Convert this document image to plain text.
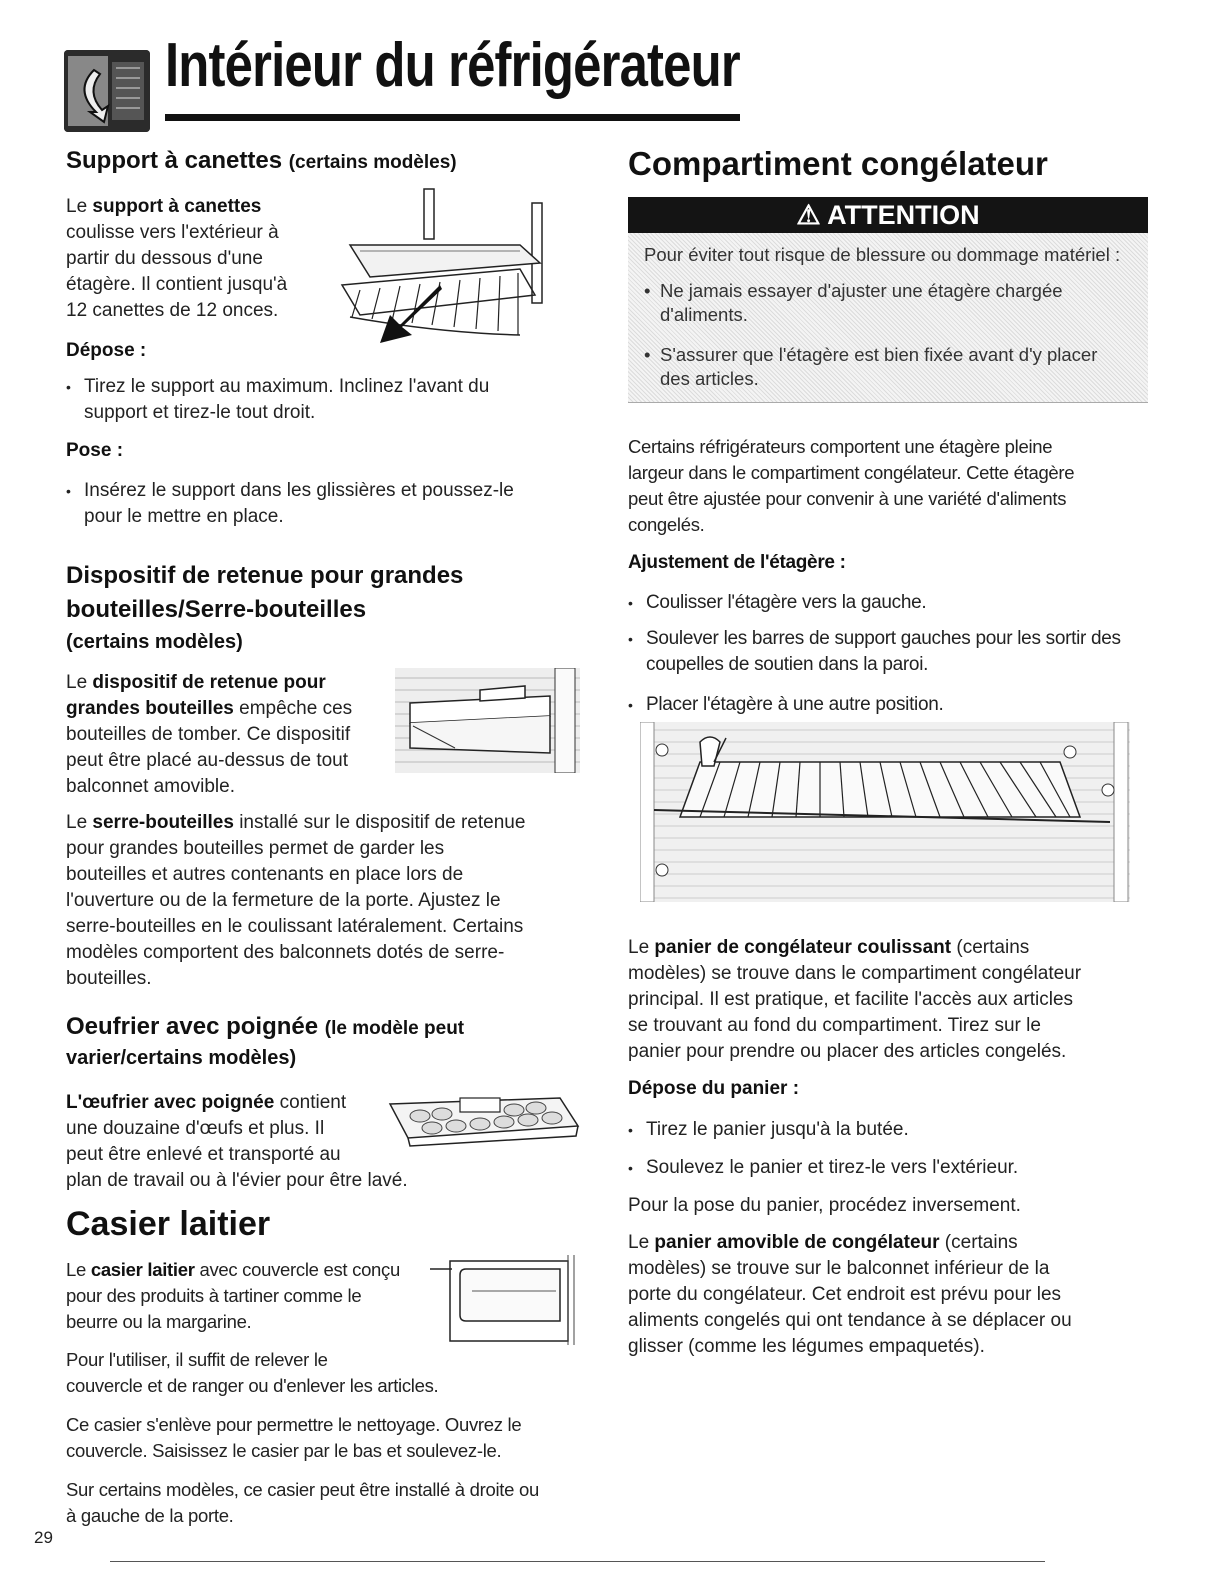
Intérieur du réfrigérateur
Support à canettes (certains modèles)
Le support à canettes
coulisse vers l'extérieur à
partir du dessous d'une
étagère. Il contient jusqu'à
12 canettes de 12 onces.
Dépose :
• Tirez le support au maximum. Inclinez l'avant du
support et tirez-le tout droit.
Pose :
• Insérez le support dans les glissières et poussez-le
pour le mettre en place.
Dispositif de retenue pour grandes
bouteilles/Serre-bouteilles
(certains modèles)
Le dispositif de retenue pour
grandes bouteilles empêche ces
bouteilles de tomber. Ce dispositif
peut être placé au-dessus de tout
balconnet amovible.
Le serre-bouteilles installé sur le dispositif de retenue
pour grandes bouteilles permet de garder les
bouteilles et autres contenants en place lors de
l'ouverture ou de la fermeture de la porte. Ajustez le
serre-bouteilles en le coulissant latéralement. Certains
modèles comportent des balconnets dotés de serre-
bouteilles.
Oeufrier avec poignée (le modèle peut
varier/certains modèles)
L'œufrier avec poignée contient
une douzaine d'œufs et plus. Il
peut être enlevé et transporté au
plan de travail ou à l'évier pour être lavé.
Casier laitier
Le casier laitier avec couvercle est conçu
pour des produits à tartiner comme le
beurre ou la margarine.
Pour l'utiliser, il suffit de relever le
couvercle et de ranger ou d'enlever les articles.
Ce casier s'enlève pour permettre le nettoyage. Ouvrez le
couvercle. Saisissez le casier par le bas et soulevez-le.
Sur certains modèles, ce casier peut être installé à droite ou
à gauche de la porte.
Compartiment congélateur
⚠ ATTENTION
Pour éviter tout risque de blessure ou dommage matériel :
• Ne jamais essayer d'ajuster une étagère chargée
d'aliments.
• S'assurer que l'étagère est bien fixée avant d'y placer
des articles.
Certains réfrigérateurs comportent une étagère pleine
largeur dans le compartiment congélateur. Cette étagère
peut être ajustée pour convenir à une variété d'aliments
congelés.
Ajustement de l'étagère :
• Coulisser l'étagère vers la gauche.
• Soulever les barres de support gauches pour les sortir des
coupelles de soutien dans la paroi.
• Placer l'étagère à une autre position.
Le panier de congélateur coulissant (certains
modèles) se trouve dans le compartiment congélateur
principal. Il est pratique, et facilite l'accès aux articles
se trouvant au fond du compartiment. Tirez sur le
panier pour prendre ou placer des articles congelés.
Dépose du panier :
• Tirez le panier jusqu'à la butée.
• Soulevez le panier et tirez-le vers l'extérieur.
Pour la pose du panier, procédez inversement.
Le panier amovible de congélateur (certains
modèles) se trouve sur le balconnet inférieur de la
porte du congélateur. Cet endroit est prévu pour les
aliments congelés qui ont tendance à se déplacer ou
glisser (comme les légumes empaquetés).
29
